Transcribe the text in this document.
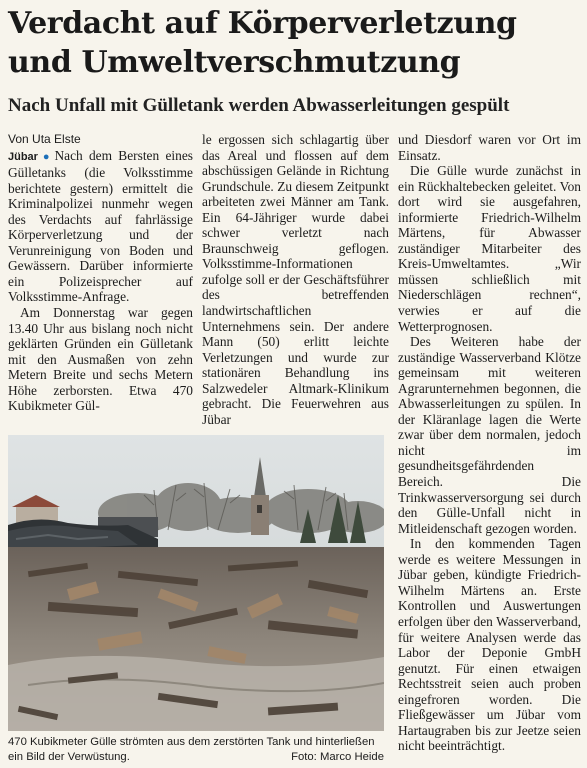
Verdacht auf Körperverletzung
und Umweltverschmutzung
Nach Unfall mit Gülletank werden Abwasserleitungen gespült
Von Uta Elste

Jübar ● Nach dem Bersten eines Gülletanks (die Volksstimme berichtete gestern) ermittelt die Kriminalpolizei nunmehr wegen des Verdachts auf fahrlässige Körperverletzung und der Verunreinigung von Boden und Gewässern. Darüber informierte ein Polizeisprecher auf Volksstimme-Anfrage.

Am Donnerstag war gegen 13.40 Uhr aus bislang noch nicht geklärten Gründen ein Gülletank mit den Ausmaßen von zehn Metern Breite und sechs Metern Höhe zerborsten. Etwa 470 Kubikmeter Gül-

le ergossen sich schlagartig über das Areal und flossen auf dem abschüssigen Gelände in Richtung Grundschule. Zu diesem Zeitpunkt arbeiteten zwei Männer am Tank. Ein 64-Jähriger wurde dabei schwer verletzt nach Braunschweig geflogen. Volksstimme-Informationen zufolge soll er der Geschäftsführer des betreffenden landwirtschaftlichen Unternehmens sein. Der andere Mann (50) erlitt leichte Verletzungen und wurde zur stationären Behandlung ins Salzwedeler Altmark-Klinikum gebracht. Die Feuerwehren aus Jübar

und Diesdorf waren vor Ort im Einsatz.

Die Gülle wurde zunächst in ein Rückhaltebecken geleitet. Von dort wird sie ausgefahren, informierte Friedrich-Wilhelm Märtens, für Abwasser zuständiger Mitarbeiter des Kreis-Umweltamtes. „Wir müssen schließlich mit Niederschlägen rechnen“, verwies er auf die Wetterprognosen.

Des Weiteren habe der zuständige Wasserverband Klötze gemeinsam mit weiteren Agrarunternehmen begonnen, die Abwasserleitungen zu spülen. In der Kläranlage lagen die Werte zwar über dem normalen, jedoch nicht im gesundheitsgefährdenden Bereich. Die Trinkwasserversorgung sei durch den Gülle-Unfall nicht in Mitleidenschaft gezogen worden.

In den kommenden Tagen werde es weitere Messungen in Jübar geben, kündigte Friedrich-Wilhelm Märtens an. Erste Kontrollen und Auswertungen erfolgen über den Wasserverband, für weitere Analysen werde das Labor der Deponie GmbH genutzt. Für einen etwaigen Rechtsstreit seien auch proben eingefroren worden. Die Fließgewässer um Jübar vom Hartaugraben bis zur Jeetze seien nicht beeinträchtigt.

470 Kubikmeter Gülle strömten aus dem zerstörten Tank und hinterließen ein Bild der Verwüstung.	Foto: Marco Heide
